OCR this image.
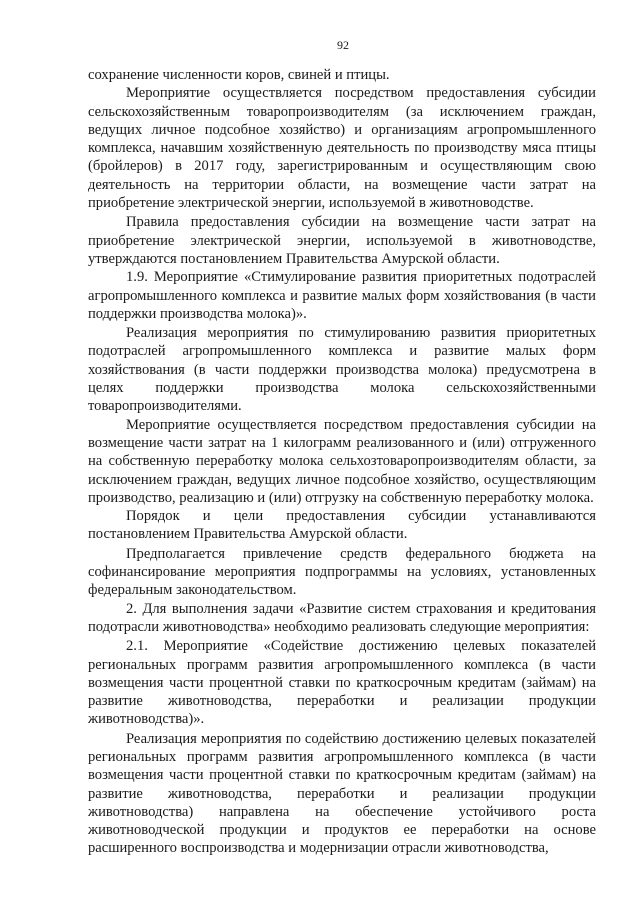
92

сохранение численности коров, свиней и птицы.

Мероприятие осуществляется посредством предоставления субсидии сельскохозяйственным товаропроизводителям (за исключением граждан, ведущих личное подсобное хозяйство) и организациям агропромышленного комплекса, начавшим хозяйственную деятельность по производству мяса птицы (бройлеров) в 2017 году, зарегистрированным и осуществляющим свою деятельность на территории области, на возмещение части затрат на приобретение электрической энергии, используемой в животноводстве.

Правила предоставления субсидии на возмещение части затрат на приобретение электрической энергии, используемой в животноводстве, утверждаются постановлением Правительства Амурской области.

1.9. Мероприятие «Стимулирование развития приоритетных подотраслей агропромышленного комплекса и развитие малых форм хозяйствования (в части поддержки производства молока)».

Реализация мероприятия по стимулированию развития приоритетных подотраслей агропромышленного комплекса и развитие малых форм хозяйствования (в части поддержки производства молока) предусмотрена в целях поддержки производства молока сельскохозяйственными товаропроизводителями.

Мероприятие осуществляется посредством предоставления субсидии на возмещение части затрат на 1 килограмм реализованного и (или) отгруженного на собственную переработку молока сельхозтоваропроизводителям области, за исключением граждан, ведущих личное подсобное хозяйство, осуществляющим производство, реализацию и (или) отгрузку на собственную переработку молока.

Порядок и цели предоставления субсидии устанавливаются постановлением Правительства Амурской области.

Предполагается привлечение средств федерального бюджета на софинансирование мероприятия подпрограммы на условиях, установленных федеральным законодательством.

2. Для выполнения задачи «Развитие систем страхования и кредитования подотрасли животноводства» необходимо реализовать следующие мероприятия:

2.1. Мероприятие «Содействие достижению целевых показателей региональных программ развития агропромышленного комплекса (в части возмещения части процентной ставки по краткосрочным кредитам (займам) на развитие животноводства, переработки и реализации продукции животноводства)».

Реализация мероприятия по содействию достижению целевых показателей региональных программ развития агропромышленного комплекса (в части возмещения части процентной ставки по краткосрочным кредитам (займам) на развитие животноводства, переработки и реализации продукции животноводства) направлена на обеспечение устойчивого роста животноводческой продукции и продуктов ее переработки на основе расширенного воспроизводства и модернизации отрасли животноводства,
